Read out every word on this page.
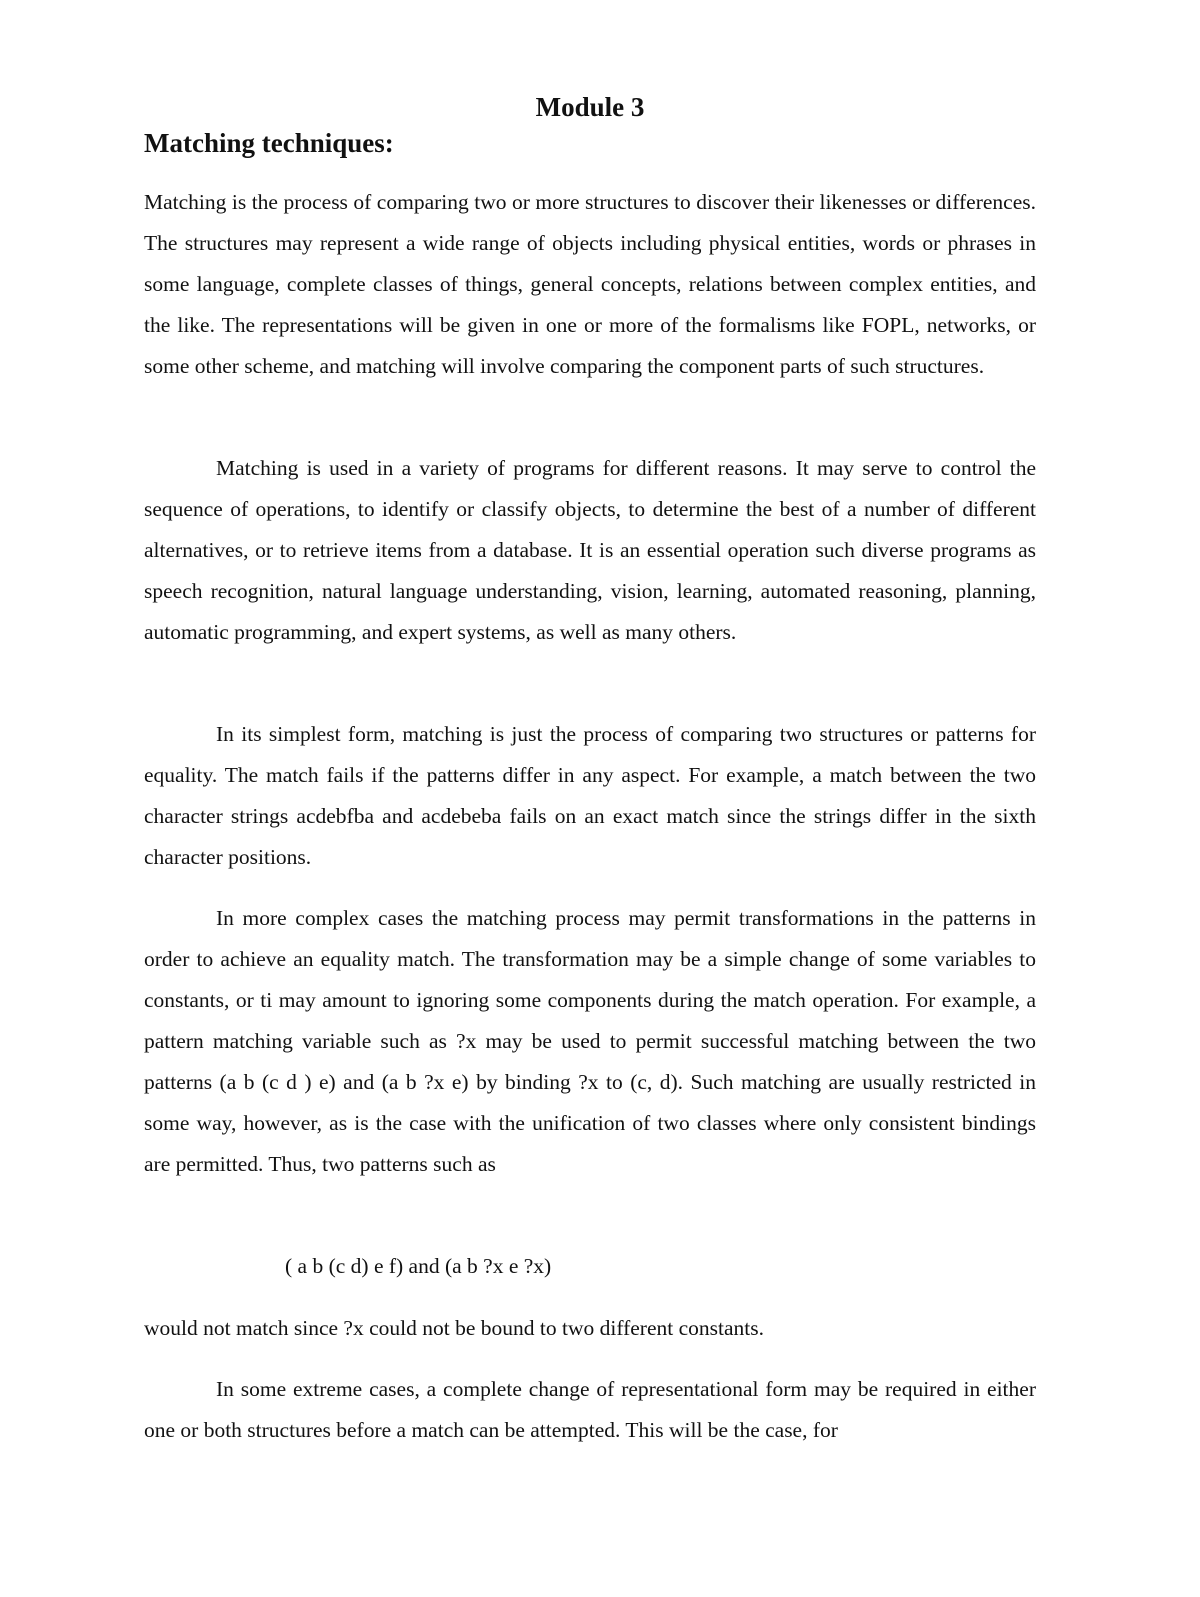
Module 3
Matching techniques:

Matching is the process of comparing two or more structures to discover their likenesses or differences. The structures may represent a wide range of objects including physical entities, words or phrases in some language, complete classes of things, general concepts, relations between complex entities, and the like. The representations will be given in one or more of the formalisms like FOPL, networks, or some other scheme, and matching will involve comparing the component parts of such structures.

Matching is used in a variety of programs for different reasons. It may serve to control the sequence of operations, to identify or classify objects, to determine the best of a number of different alternatives, or to retrieve items from a database. It is an essential operation such diverse programs as speech recognition, natural language understanding, vision, learning, automated reasoning, planning, automatic programming, and expert systems, as well as many others.

In its simplest form, matching is just the process of comparing two structures or patterns for equality. The match fails if the patterns differ in any aspect. For example, a match between the two character strings acdebfba and acdebeba fails on an exact match since the strings differ in the sixth character positions.

In more complex cases the matching process may permit transformations in the patterns in order to achieve an equality match. The transformation may be a simple change of some variables to constants, or ti may amount to ignoring some components during the match operation. For example, a pattern matching variable such as ?x may be used to permit successful matching between the two patterns (a b (c d ) e) and (a b ?x e) by binding ?x to (c, d). Such matching are usually restricted in some way, however, as is the case with the unification of two classes where only consistent bindings are permitted. Thus, two patterns such as

( a b (c d) e f) and (a b ?x e ?x)

would not match since ?x could not be bound to two different constants.

In some extreme cases, a complete change of representational form may be required in either one or both structures before a match can be attempted. This will be the case, for
